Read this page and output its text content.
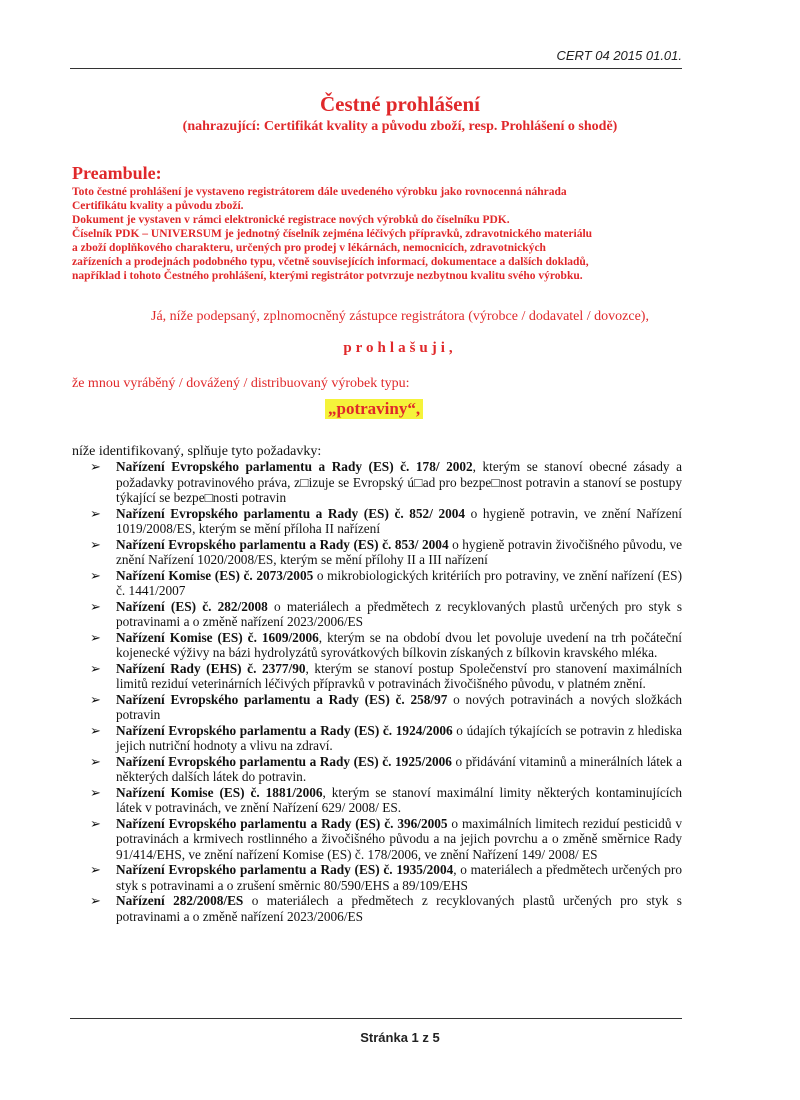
CERT 04 2015 01.01.
Čestné prohlášení
(nahrazující: Certifikát kvality a původu zboží, resp. Prohlášení o shodě)
Preambule:

Toto čestné prohlášení je vystaveno registrátorem dále uvedeného výrobku jako rovnocenná náhrada

Certifikátu kvality a původu zboží.

Dokument je vystaven v rámci elektronické registrace nových výrobků do číselníku PDK.

Číselník PDK – UNIVERSUM je jednotný číselník zejména léčivých přípravků, zdravotnického materiálu

a zboží doplňkového charakteru, určených pro prodej v lékárnách, nemocnicích, zdravotnických

zařízeních a prodejnách podobného typu, včetně souvisejících informací, dokumentace a dalších dokladů,

například i tohoto Čestného prohlášení, kterými registrátor potvrzuje nezbytnou kvalitu svého výrobku.

Já, níže podepsaný, zplnomocněný zástupce registrátora (výrobce / dodavatel / dovozce),
prohlašuji,
že mnou vyráběný / dovážený / distribuovaný výrobek typu:
„potraviny“,
níže identifikovaný, splňuje tyto požadavky:
➢ Nařízení Evropského parlamentu a Rady (ES) č. 178/ 2002, kterým se stanoví obecné zásady a požadavky potravinového práva, z□izuje se Evropský ú□ad pro bezpe□nost potravin a stanoví se postupy týkající se bezpe□nosti potravin
➢ Nařízení Evropského parlamentu a Rady (ES) č. 852/ 2004 o hygieně potravin, ve znění Nařízení 1019/2008/ES, kterým se mění příloha II nařízení
➢ Nařízení Evropského parlamentu a Rady (ES) č. 853/ 2004 o hygieně potravin živočišného původu, ve znění Nařízení 1020/2008/ES, kterým se mění přílohy II a III nařízení
➢ Nařízení Komise (ES) č. 2073/2005 o mikrobiologických kritériích pro potraviny, ve znění nařízení (ES) č. 1441/2007
➢ Nařízení (ES) č. 282/2008 o materiálech a předmětech z recyklovaných plastů určených pro styk s potravinami a o změně nařízení 2023/2006/ES
➢ Nařízení Komise (ES) č. 1609/2006, kterým se na období dvou let povoluje uvedení na trh počáteční kojenecké výživy na bázi hydrolyzátů syrovátkových bílkovin získaných z bílkovin kravského mléka.
➢ Nařízení Rady (EHS) č. 2377/90, kterým se stanoví postup Společenství pro stanovení maximálních limitů reziduí veterinárních léčivých přípravků v potravinách živočišného původu, v platném znění.
➢ Nařízení Evropského parlamentu a Rady (ES) č. 258/97 o nových potravinách a nových složkách potravin
➢ Nařízení Evropského parlamentu a Rady (ES) č. 1924/2006 o údajích týkajících se potravin z hlediska jejich nutriční hodnoty a vlivu na zdraví.
➢ Nařízení Evropského parlamentu a Rady (ES) č. 1925/2006 o přidávání vitaminů a minerálních látek a některých dalších látek do potravin.
➢ Nařízení Komise (ES) č. 1881/2006, kterým se stanoví maximální limity některých kontaminujících látek v potravinách, ve znění Nařízení 629/ 2008/ ES.
➢ Nařízení Evropského parlamentu a Rady (ES) č. 396/2005 o maximálních limitech reziduí pesticidů v potravinách a krmivech rostlinného a živočišného původu a na jejich povrchu a o změně směrnice Rady 91/414/EHS, ve znění nařízení Komise (ES) č. 178/2006, ve znění Nařízení 149/ 2008/ ES
➢ Nařízení Evropského parlamentu a Rady (ES) č. 1935/2004, o materiálech a předmětech určených pro styk s potravinami a o zrušení směrnic 80/590/EHS a 89/109/EHS
➢ Nařízení 282/2008/ES o materiálech a předmětech z recyklovaných plastů určených pro styk s potravinami a o změně nařízení 2023/2006/ES
Stránka 1 z 5
